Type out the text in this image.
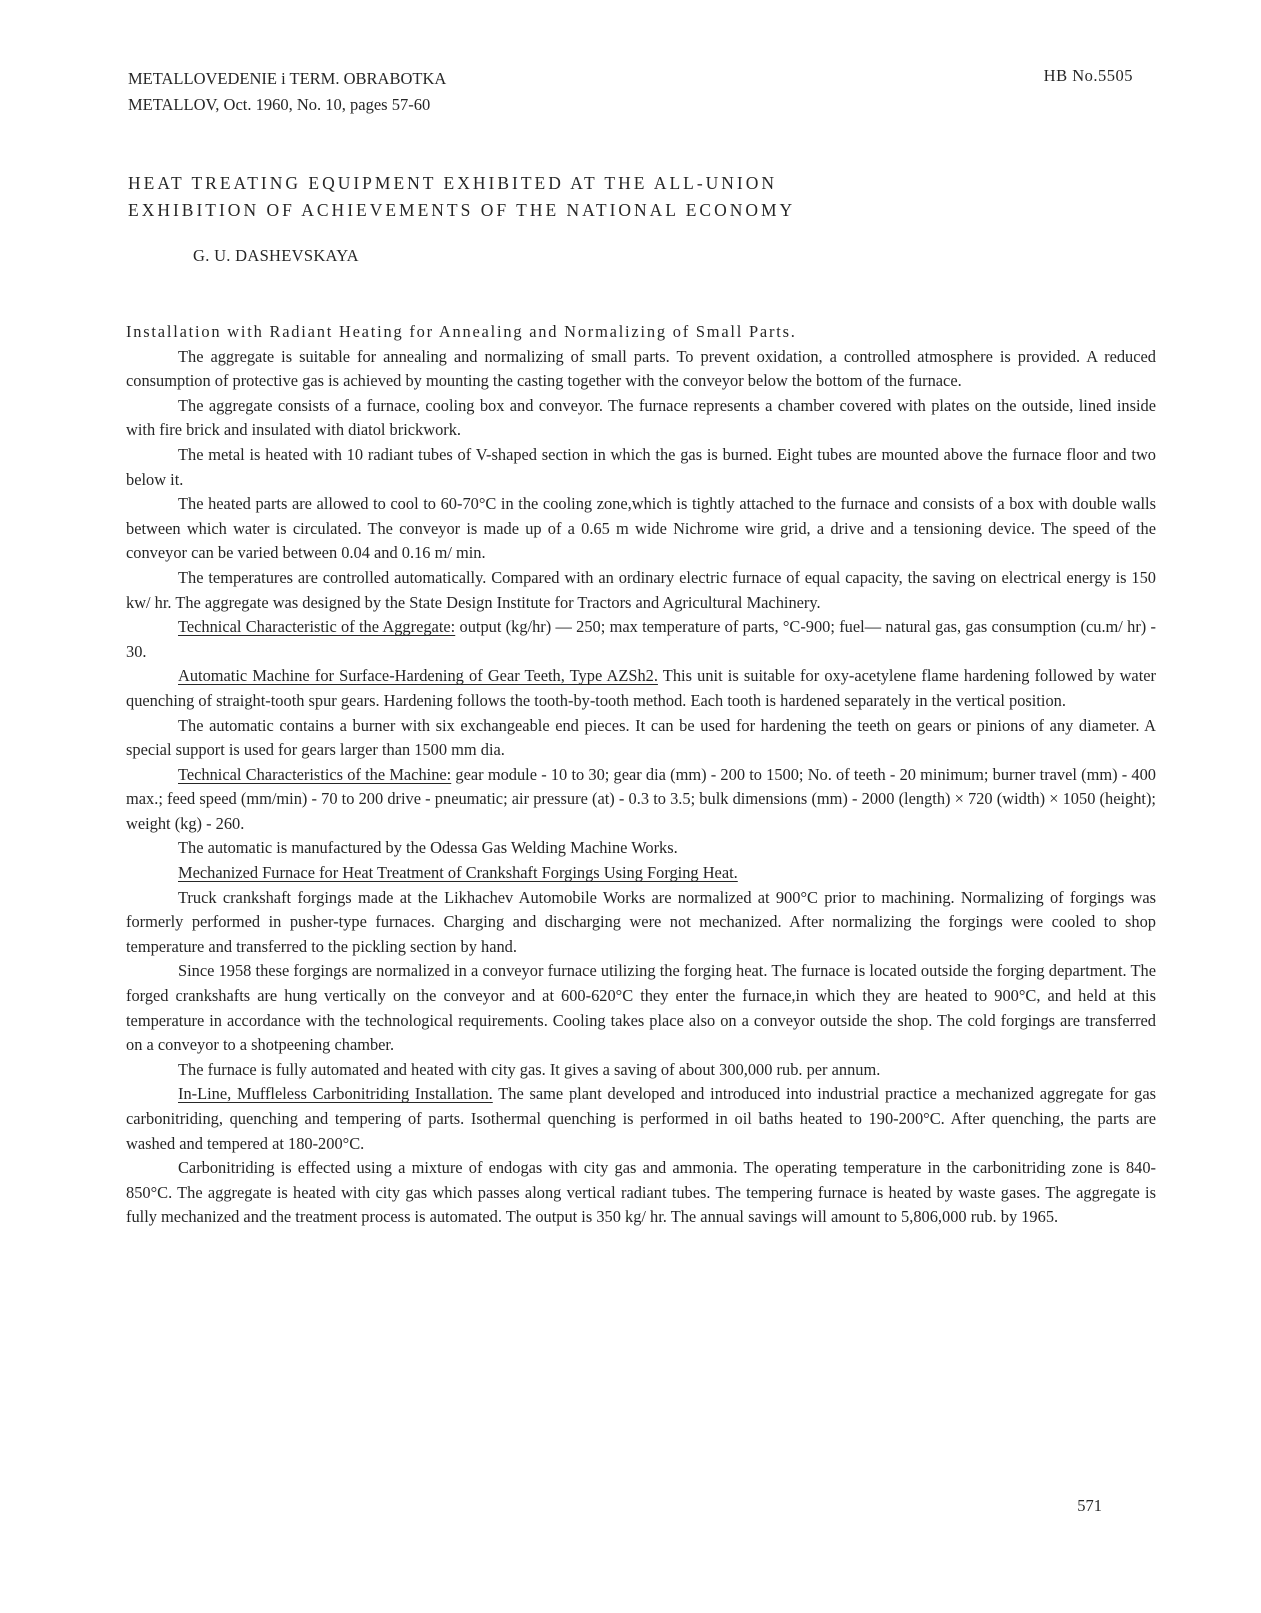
METALLOVEDENIE i TERM. OBRABOTKA
METALLOV, Oct. 1960, No. 10, pages 57-60
HB No.5505
HEAT TREATING EQUIPMENT EXHIBITED AT THE ALL-UNION
EXHIBITION OF ACHIEVEMENTS OF THE NATIONAL ECONOMY
G. U. DASHEVSKAYA

Installation with Radiant Heating for Annealing and Normalizing of Small Parts.

The aggregate is suitable for annealing and normalizing of small parts. To prevent oxidation, a controlled atmosphere is provided. A reduced consumption of protective gas is achieved by mounting the casting together with the conveyor below the bottom of the furnace.

The aggregate consists of a furnace, cooling box and conveyor. The furnace represents a chamber covered with plates on the outside, lined inside with fire brick and insulated with diatol brickwork.

The metal is heated with 10 radiant tubes of V-shaped section in which the gas is burned. Eight tubes are mounted above the furnace floor and two below it.

The heated parts are allowed to cool to 60-70°C in the cooling zone,which is tightly attached to the furnace and consists of a box with double walls between which water is circulated. The conveyor is made up of a 0.65 m wide Nichrome wire grid, a drive and a tensioning device. The speed of the conveyor can be varied between 0.04 and 0.16 m/ min.

The temperatures are controlled automatically. Compared with an ordinary electric furnace of equal capacity, the saving on electrical energy is 150 kw/ hr. The aggregate was designed by the State Design Institute for Tractors and Agricultural Machinery.

Technical Characteristic of the Aggregate: output (kg/hr) — 250; max temperature of parts, °C-900; fuel— natural gas, gas consumption (cu.m/ hr) - 30.

Automatic Machine for Surface-Hardening of Gear Teeth, Type AZSh2. This unit is suitable for oxy-acetylene flame hardening followed by water quenching of straight-tooth spur gears. Hardening follows the tooth-by-tooth method. Each tooth is hardened separately in the vertical position.

The automatic contains a burner with six exchangeable end pieces. It can be used for hardening the teeth on gears or pinions of any diameter. A special support is used for gears larger than 1500 mm dia.

Technical Characteristics of the Machine: gear module - 10 to 30; gear dia (mm) - 200 to 1500; No. of teeth - 20 minimum; burner travel (mm) - 400 max.; feed speed (mm/min) - 70 to 200 drive - pneumatic; air pressure (at) - 0.3 to 3.5; bulk dimensions (mm) - 2000 (length) × 720 (width) × 1050 (height); weight (kg) - 260.

The automatic is manufactured by the Odessa Gas Welding Machine Works.

Mechanized Furnace for Heat Treatment of Crankshaft Forgings Using Forging Heat.

Truck crankshaft forgings made at the Likhachev Automobile Works are normalized at 900°C prior to machining. Normalizing of forgings was formerly performed in pusher-type furnaces. Charging and discharging were not mechanized. After normalizing the forgings were cooled to shop temperature and transferred to the pickling section by hand.

Since 1958 these forgings are normalized in a conveyor furnace utilizing the forging heat. The furnace is located outside the forging department. The forged crankshafts are hung vertically on the conveyor and at 600-620°C they enter the furnace,in which they are heated to 900°C, and held at this temperature in accordance with the technological requirements. Cooling takes place also on a conveyor outside the shop. The cold forgings are transferred on a conveyor to a shotpeening chamber.

The furnace is fully automated and heated with city gas. It gives a saving of about 300,000 rub. per annum.

In-Line, Muffleless Carbonitriding Installation. The same plant developed and introduced into industrial practice a mechanized aggregate for gas carbonitriding, quenching and tempering of parts. Isothermal quenching is performed in oil baths heated to 190-200°C. After quenching, the parts are washed and tempered at 180-200°C.

Carbonitriding is effected using a mixture of endogas with city gas and ammonia. The operating temperature in the carbonitriding zone is 840-850°C. The aggregate is heated with city gas which passes along vertical radiant tubes. The tempering furnace is heated by waste gases. The aggregate is fully mechanized and the treatment process is automated. The output is 350 kg/ hr. The annual savings will amount to 5,806,000 rub. by 1965.

571
